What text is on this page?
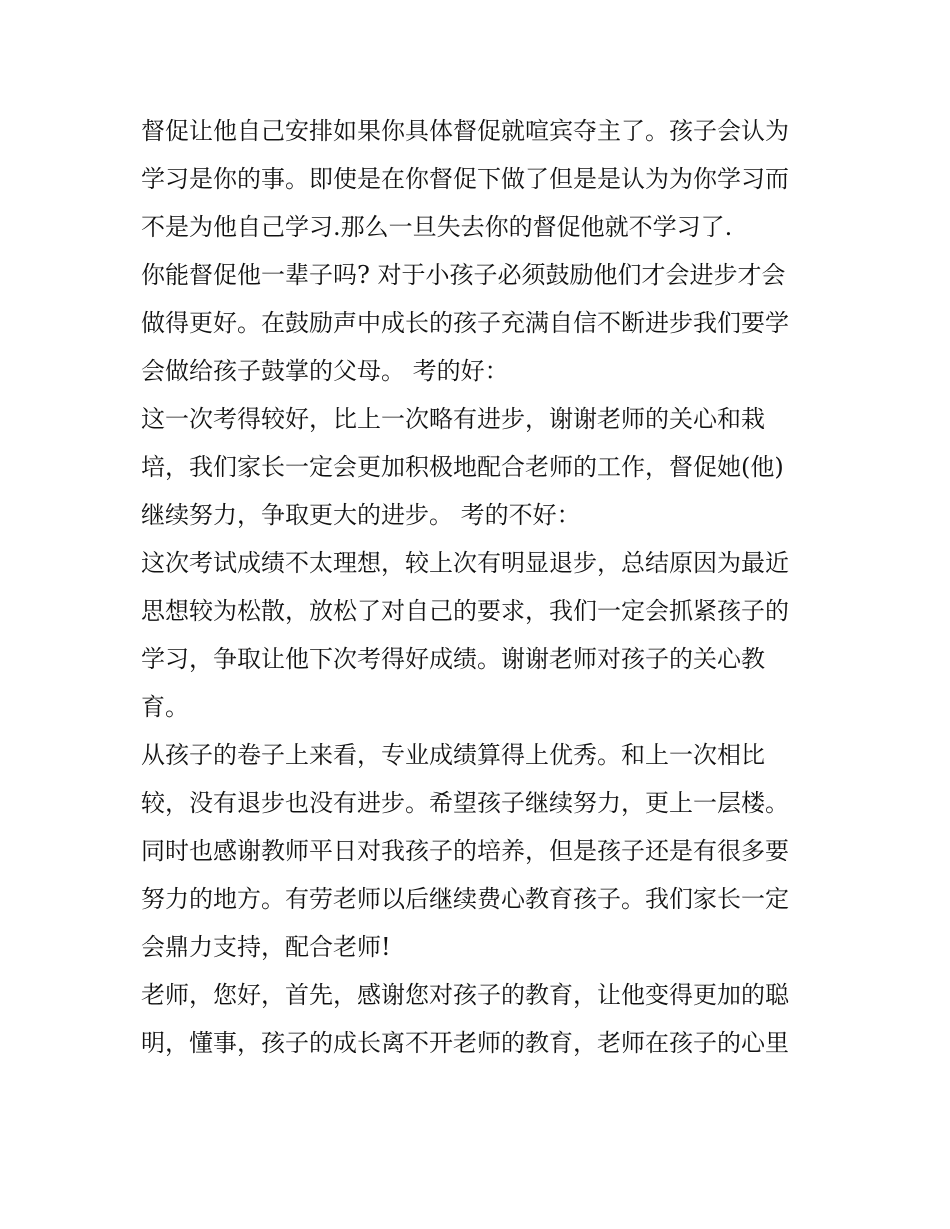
督促让他自己安排如果你具体督促就喧宾夺主了。孩子会认为
学习是你的事。即使是在你督促下做了但是是认为为你学习而
不是为他自己学习.那么一旦失去你的督促他就不学习了.
你能督促他一辈子吗? 对于小孩子必须鼓励他们才会进步才会
做得更好。在鼓励声中成长的孩子充满自信不断进步我们要学
会做给孩子鼓掌的父母。 考的好：
这一次考得较好，比上一次略有进步，谢谢老师的关心和栽
培，我们家长一定会更加积极地配合老师的工作，督促她(他)
继续努力，争取更大的进步。 考的不好：
这次考试成绩不太理想，较上次有明显退步，总结原因为最近
思想较为松散，放松了对自己的要求，我们一定会抓紧孩子的
学习，争取让他下次考得好成绩。谢谢老师对孩子的关心教
育。
从孩子的卷子上来看，专业成绩算得上优秀。和上一次相比
较，没有退步也没有进步。希望孩子继续努力，更上一层楼。
同时也感谢教师平日对我孩子的培养，但是孩子还是有很多要
努力的地方。有劳老师以后继续费心教育孩子。我们家长一定
会鼎力支持，配合老师!
老师，您好，首先，感谢您对孩子的教育，让他变得更加的聪
明，懂事，孩子的成长离不开老师的教育，老师在孩子的心里
